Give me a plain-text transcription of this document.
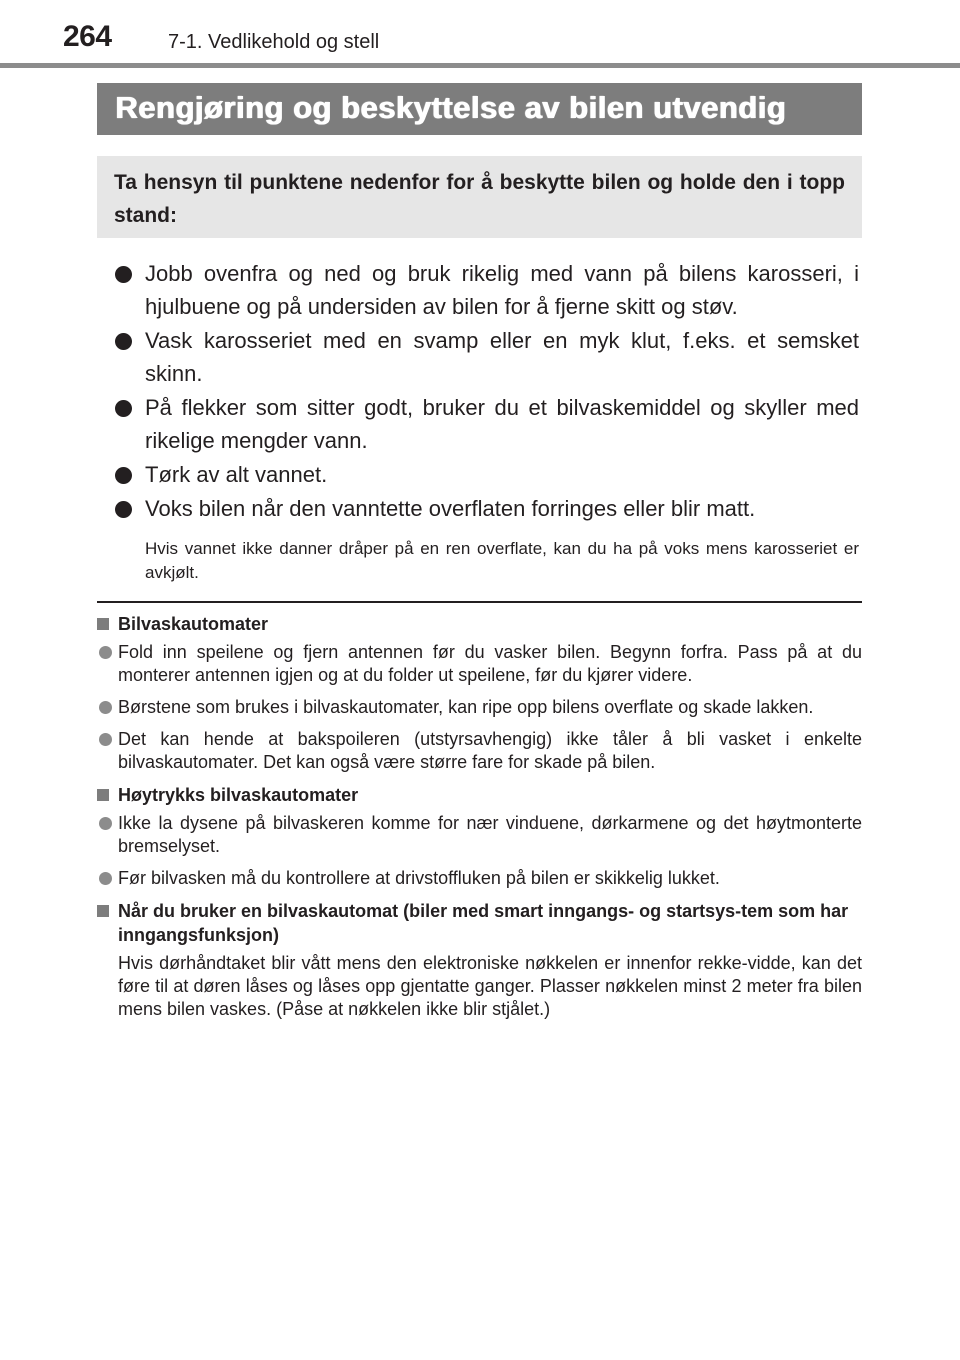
264	7-1. Vedlikehold og stell
Rengjøring og beskyttelse av bilen utvendig

Ta hensyn til punktene nedenfor for å beskytte bilen og holde den i topp stand:

Jobb ovenfra og ned og bruk rikelig med vann på bilens karosseri, i hjulbuene og på undersiden av bilen for å fjerne skitt og støv.
Vask karosseriet med en svamp eller en myk klut, f.eks. et semsket skinn.
På flekker som sitter godt, bruker du et bilvaskemiddel og skyller med rikelige mengder vann.
Tørk av alt vannet.
Voks bilen når den vanntette overflaten forringes eller blir matt.
Hvis vannet ikke danner dråper på en ren overflate, kan du ha på voks mens karosseriet er avkjølt.
Bilvaskautomater
Fold inn speilene og fjern antennen før du vasker bilen. Begynn forfra. Pass på at du monterer antennen igjen og at du folder ut speilene, før du kjører videre.
Børstene som brukes i bilvaskautomater, kan ripe opp bilens overflate og skade lakken.
Det kan hende at bakspoileren (utstyrsavhengig) ikke tåler å bli vasket i enkelte bilvaskautomater. Det kan også være større fare for skade på bilen.
Høytrykks bilvaskautomater
Ikke la dysene på bilvaskeren komme for nær vinduene, dørkarmene og det høytmonterte bremselyset.
Før bilvasken må du kontrollere at drivstoffluken på bilen er skikkelig lukket.
Når du bruker en bilvaskautomat (biler med smart inngangs- og startsys-tem som har inngangsfunksjon)

Hvis dørhåndtaket blir vått mens den elektroniske nøkkelen er innenfor rekke-vidde, kan det føre til at døren låses og låses opp gjentatte ganger. Plasser nøkkelen minst 2 meter fra bilen mens bilen vaskes. (Påse at nøkkelen ikke blir stjålet.)
